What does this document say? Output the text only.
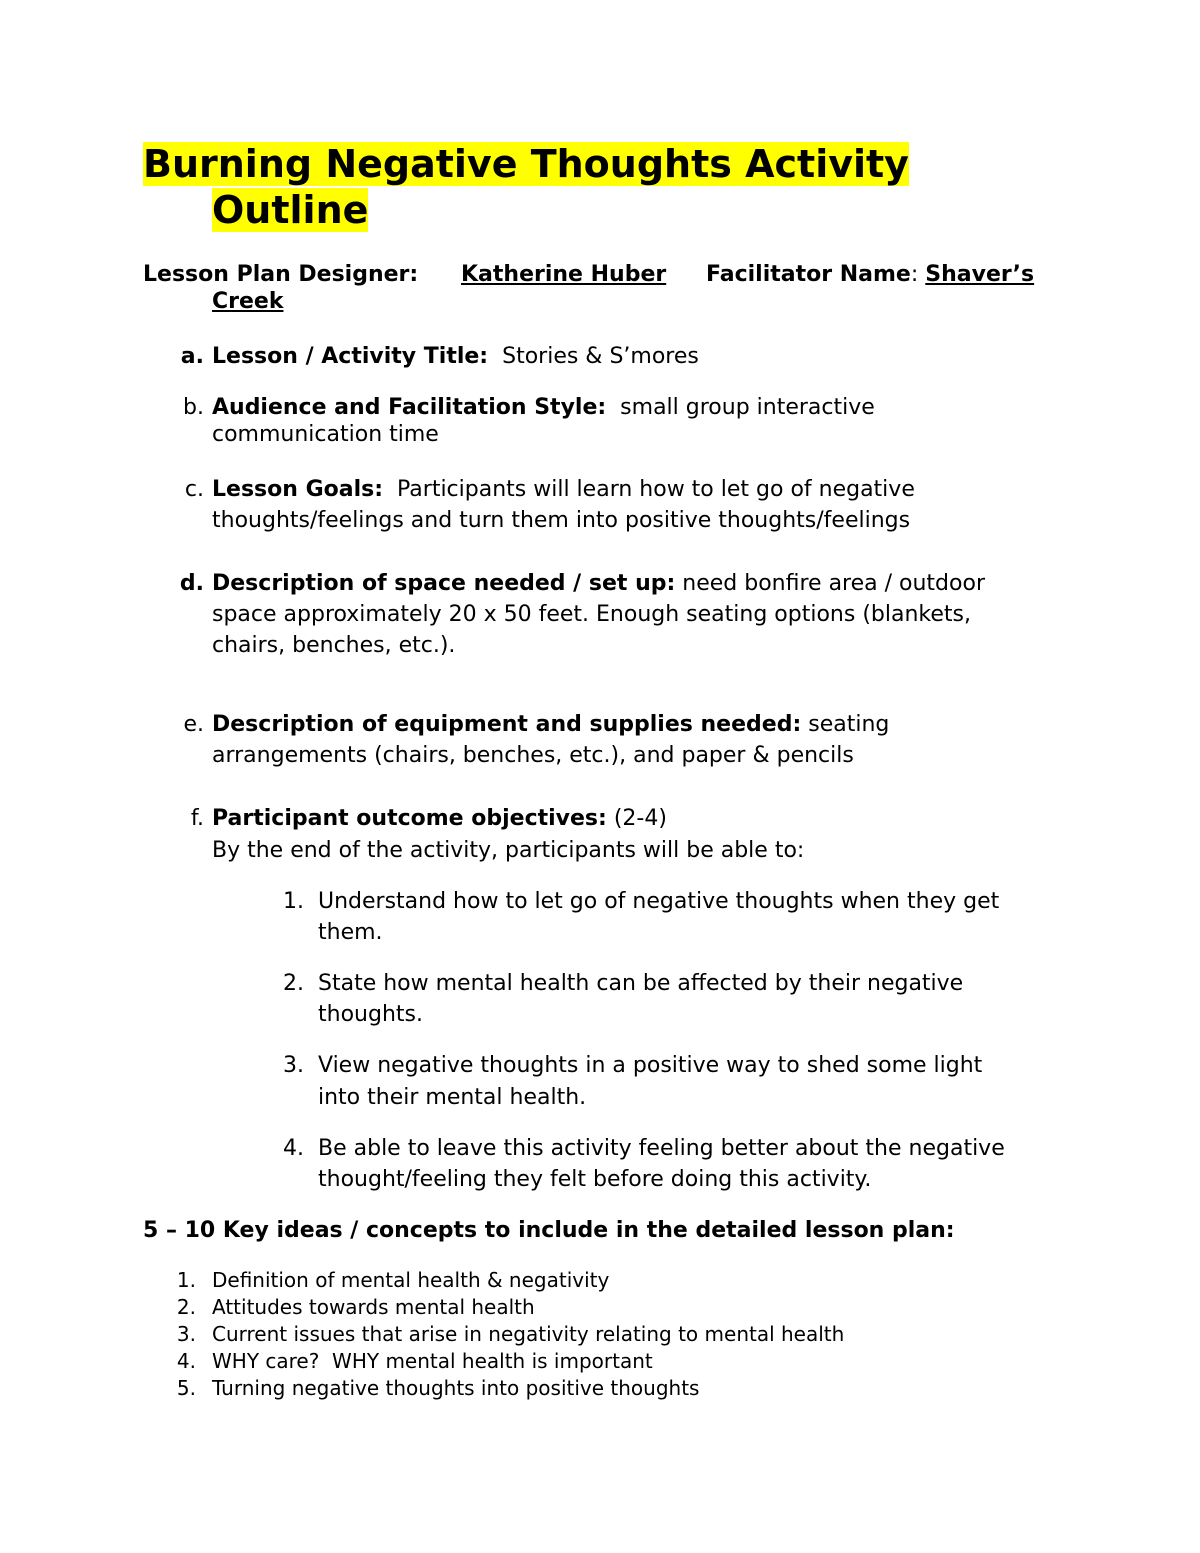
Burning Negative Thoughts Activity
Outline
Lesson Plan Designer: Katherine Huber Facilitator Name: Shaver’s
Creek
a. Lesson / Activity Title: Stories & S’mores
b. Audience and Facilitation Style: small group interactive
communication time
c. Lesson Goals: Participants will learn how to let go of negative
thoughts/feelings and turn them into positive thoughts/feelings
d. Description of space needed / set up: need bonfire area / outdoor
space approximately 20 x 50 feet. Enough seating options (blankets,
chairs, benches, etc.).
e. Description of equipment and supplies needed: seating
arrangements (chairs, benches, etc.), and paper & pencils
f. Participant outcome objectives: (2-4)
By the end of the activity, participants will be able to:
1. Understand how to let go of negative thoughts when they get
them.
2. State how mental health can be affected by their negative
thoughts.
3. View negative thoughts in a positive way to shed some light
into their mental health.
4. Be able to leave this activity feeling better about the negative
thought/feeling they felt before doing this activity.
5 – 10 Key ideas / concepts to include in the detailed lesson plan:
1. Definition of mental health & negativity
2. Attitudes towards mental health
3. Current issues that arise in negativity relating to mental health
4. WHY care?  WHY mental health is important
5. Turning negative thoughts into positive thoughts
